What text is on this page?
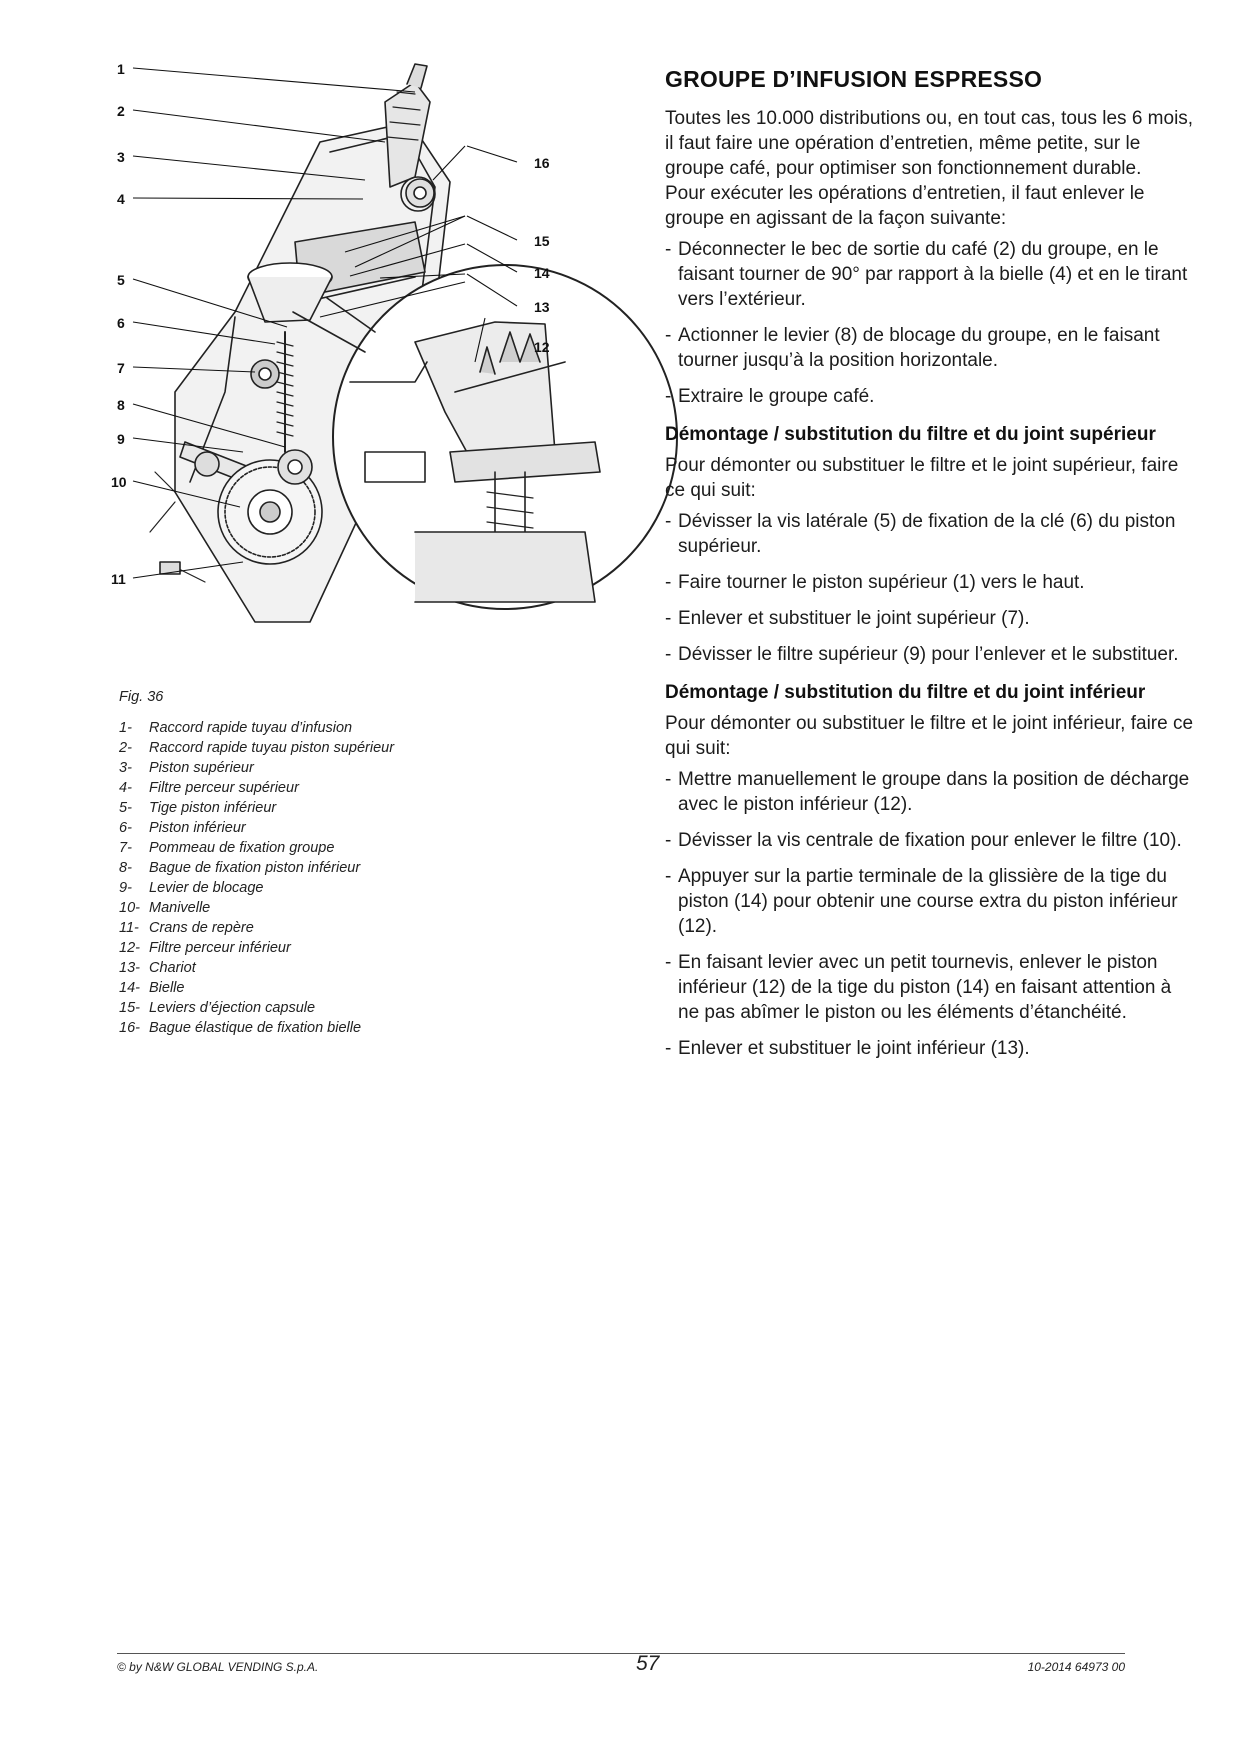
1
2
3
4
5
6
7
8
9
10
11
16
15
14
13
12
Fig. 36
1- Raccord rapide tuyau d’infusion
2- Raccord rapide tuyau piston supérieur
3- Piston supérieur
4- Filtre perceur supérieur
5- Tige piston inférieur
6- Piston inférieur
7- Pommeau de fixation groupe
8- Bague de fixation piston inférieur
9- Levier de blocage
10- Manivelle
11- Crans de repère
12- Filtre perceur inférieur
13- Chariot
14- Bielle
15- Leviers d’éjection capsule
16- Bague élastique de fixation bielle
GROUPE D’INFUSION ESPRESSO

Toutes les 10.000 distributions ou, en tout cas, tous les 6 mois, il faut faire une opération d’entretien, même petite, sur le groupe café, pour optimiser son fonctionnement durable.

Pour exécuter les opérations d’entretien, il faut enlever le groupe en agissant de la façon suivante:

- Déconnecter le bec de sortie du café (2) du groupe, en le faisant tourner de 90° par rapport à la bielle (4) et en le tirant vers l’extérieur.
- Actionner le levier (8) de blocage du groupe, en le faisant tourner jusqu’à la position horizontale.
- Extraire le groupe café.
Démontage / substitution du filtre et du joint supérieur

Pour démonter ou substituer le filtre et le joint supérieur, faire ce qui suit:

- Dévisser la vis latérale (5) de fixation de la clé (6) du piston supérieur.
- Faire tourner le piston supérieur (1) vers le haut.
- Enlever et substituer le joint supérieur (7).
- Dévisser le filtre supérieur (9) pour l’enlever et le substituer.
Démontage / substitution du filtre et du joint inférieur

Pour démonter ou substituer le filtre et le joint inférieur, faire ce qui suit:

- Mettre manuellement le groupe dans la position de décharge avec le piston inférieur (12).
- Dévisser la vis centrale de fixation pour enlever le filtre (10).
- Appuyer sur la partie terminale de la glissière de la tige du piston (14) pour obtenir une course extra du piston inférieur (12).
- En faisant levier avec un petit tournevis, enlever le piston inférieur (12) de la tige du piston (14) en faisant attention à ne pas abîmer le piston ou les éléments d’étanchéité.
- Enlever et substituer le joint inférieur (13).
© by N&W GLOBAL VENDING S.p.A.	57	10-2014 64973 00
